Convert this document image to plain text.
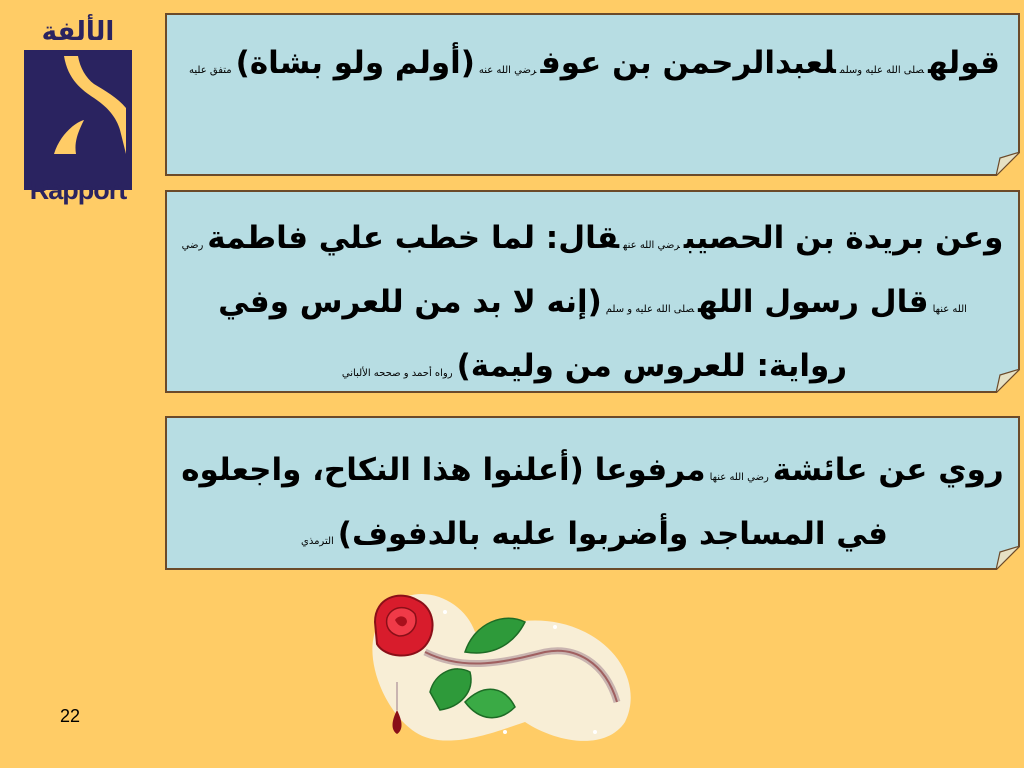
الألفة
Rapport
قولهصلى الله عليه وسلملعبدالرحمن بن عوفرضي الله عنه(أولم ولو بشاة)متفق عليه
وعن بريدة بن الحصيبرضي الله عنهقال: لما خطب علي فاطمةرضي الله عنهاقال رسول اللهصلى الله عليه و سلم(إنه لا بد من للعرس وفي رواية: للعروس من وليمة)رواه أحمد و صححه الألباني
روي عن عائشةرضي الله عنهامرفوعا (أعلنوا هذا النكاح، واجعلوه في المساجد وأضربوا عليه بالدفوف)الترمذي
22
